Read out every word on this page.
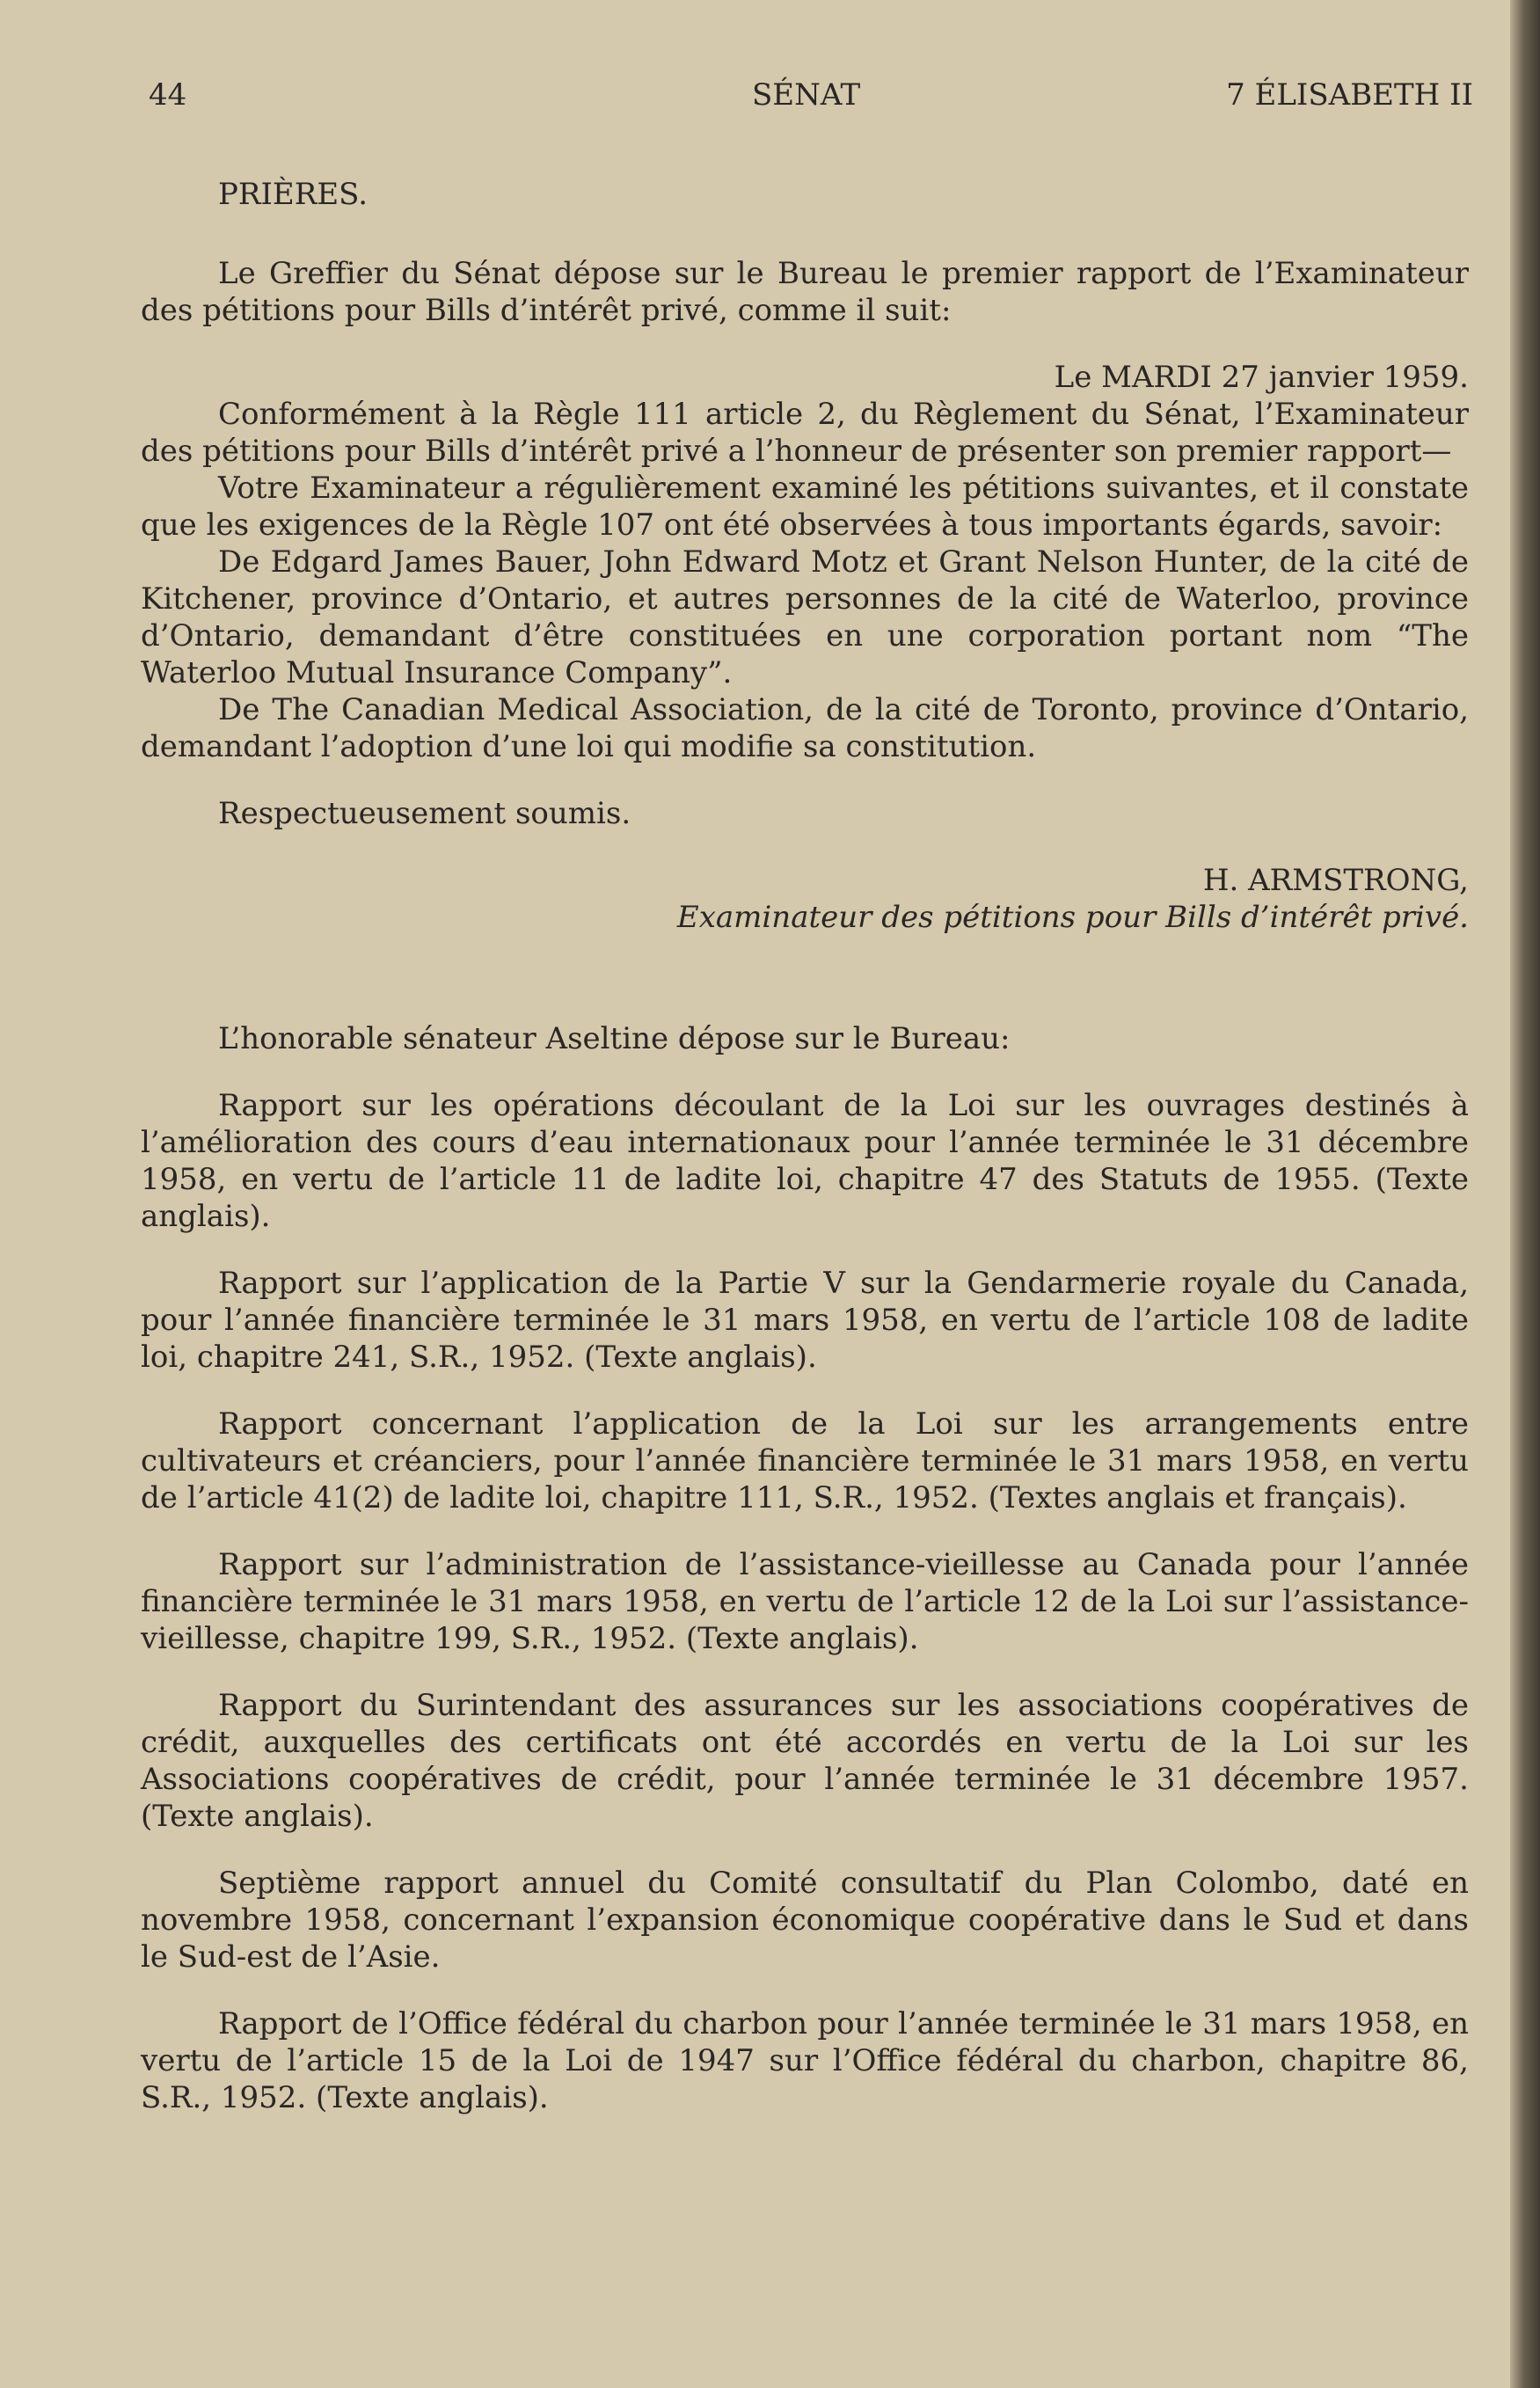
44	SÉNAT	7 ÉLISABETH II

PRIÈRES.

Le Greffier du Sénat dépose sur le Bureau le premier rapport de l’Examinateur des pétitions pour Bills d’intérêt privé, comme il suit:

Le MARDI 27 janvier 1959.

Conformément à la Règle 111 article 2, du Règlement du Sénat, l’Examinateur des pétitions pour Bills d’intérêt privé a l’honneur de présenter son premier rapport—

Votre Examinateur a régulièrement examiné les pétitions suivantes, et il constate que les exigences de la Règle 107 ont été observées à tous importants égards, savoir:

De Edgard James Bauer, John Edward Motz et Grant Nelson Hunter, de la cité de Kitchener, province d’Ontario, et autres personnes de la cité de Waterloo, province d’Ontario, demandant d’être constituées en une corporation portant nom “The Waterloo Mutual Insurance Company”.

De The Canadian Medical Association, de la cité de Toronto, province d’Ontario, demandant l’adoption d’une loi qui modifie sa constitution.

Respectueusement soumis.

H. ARMSTRONG,

Examinateur des pétitions pour Bills d’intérêt privé.

L’honorable sénateur Aseltine dépose sur le Bureau:

Rapport sur les opérations découlant de la Loi sur les ouvrages destinés à l’amélioration des cours d’eau internationaux pour l’année terminée le 31 décembre 1958, en vertu de l’article 11 de ladite loi, chapitre 47 des Statuts de 1955. (Texte anglais).

Rapport sur l’application de la Partie V sur la Gendarmerie royale du Canada, pour l’année financière terminée le 31 mars 1958, en vertu de l’article 108 de ladite loi, chapitre 241, S.R., 1952. (Texte anglais).

Rapport concernant l’application de la Loi sur les arrangements entre cultivateurs et créanciers, pour l’année financière terminée le 31 mars 1958, en vertu de l’article 41(2) de ladite loi, chapitre 111, S.R., 1952. (Textes anglais et français).

Rapport sur l’administration de l’assistance-vieillesse au Canada pour l’année financière terminée le 31 mars 1958, en vertu de l’article 12 de la Loi sur l’assistance-vieillesse, chapitre 199, S.R., 1952. (Texte anglais).

Rapport du Surintendant des assurances sur les associations coopératives de crédit, auxquelles des certificats ont été accordés en vertu de la Loi sur les Associations coopératives de crédit, pour l’année terminée le 31 décembre 1957. (Texte anglais).

Septième rapport annuel du Comité consultatif du Plan Colombo, daté en novembre 1958, concernant l’expansion économique coopérative dans le Sud et dans le Sud-est de l’Asie.

Rapport de l’Office fédéral du charbon pour l’année terminée le 31 mars 1958, en vertu de l’article 15 de la Loi de 1947 sur l’Office fédéral du charbon, chapitre 86, S.R., 1952. (Texte anglais).
